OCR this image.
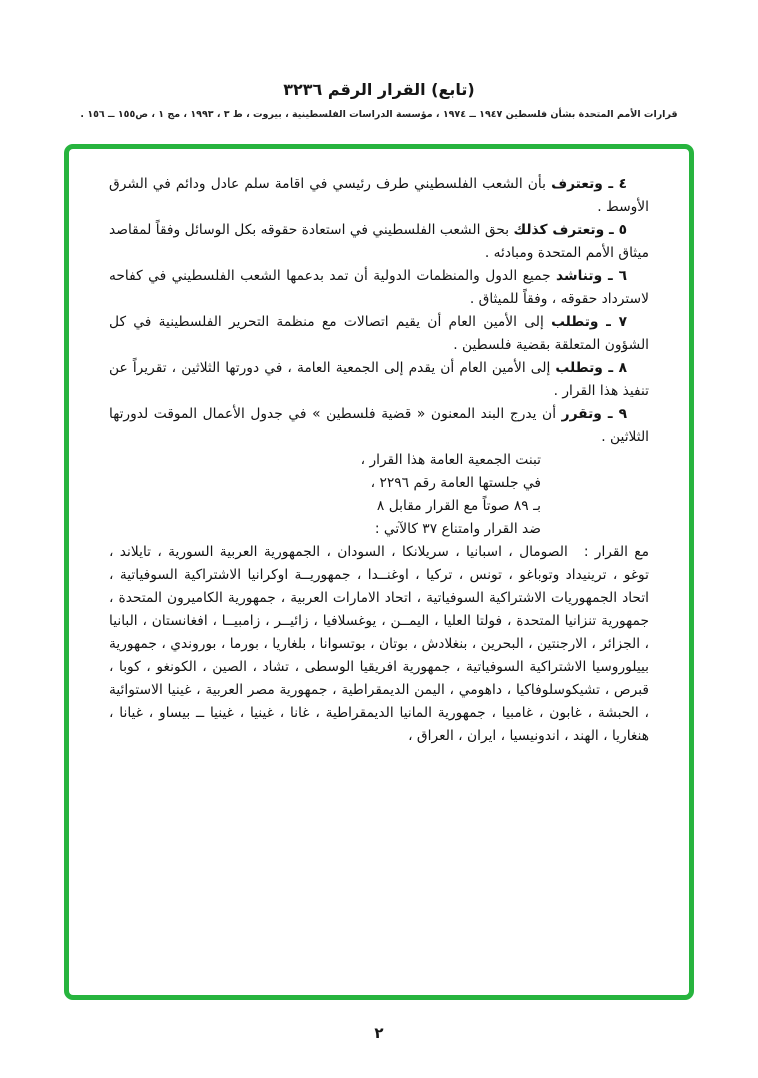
(تابع) القرار الرقم ٣٢٣٦

قرارات الأمم المتحدة بشأن فلسطين ١٩٤٧ ــ ١٩٧٤ ، مؤسسة الدراسات الفلسطينية ، بيروت ، ط ٣ ، ١٩٩٣ ، مج ١ ، ص١٥٥ ــ ١٥٦ .

٤ ـ وتعترف بأن الشعب الفلسطيني طرف رئيسي في اقامة سلم عادل ودائم في الشرق الأوسط .

٥ ـ وتعترف كذلك بحق الشعب الفلسطيني في استعادة حقوقه بكل الوسائل وفقاً لمقاصد ميثاق الأمم المتحدة ومبادئه .

٦ ـ وتناشد جميع الدول والمنظمات الدولية أن تمد بدعمها الشعب الفلسطيني في كفاحه لاسترداد حقوقه ، وفقاً للميثاق .

٧ ـ وتطلب إلى الأمين العام أن يقيم اتصالات مع منظمة التحرير الفلسطينية في كل الشؤون المتعلقة بقضية فلسطين .

٨ ـ وتطلب إلى الأمين العام أن يقدم إلى الجمعية العامة ، في دورتها الثلاثين ، تقريراً عن تنفيذ هذا القرار .

٩ ـ وتقرر أن يدرج البند المعنون « قضية فلسطين » في جدول الأعمال الموقت لدورتها الثلاثين .

تبنت الجمعية العامة هذا القرار ،

في جلستها العامة رقم ٢٢٩٦ ،

بـ ٨٩ صوتاً مع القرار مقابل ٨

ضد القرار وامتناع ٣٧ كالآتي :

مع القرار :الصومال ، اسبانيا ، سريلانكا ، السودان ، الجمهورية العربية السورية ، تايلاند ، توغو ، ترينيداد وتوباغو ، تونس ، تركيا ، اوغنــدا ، جمهوريــة اوكرانيا الاشتراكية السوفياتية ، اتحاد الجمهوريات الاشتراكية السوفياتية ، اتحاد الامارات العربية ، جمهورية الكاميرون المتحدة ، جمهورية تنزانيا المتحدة ، فولتا العليا ، اليمــن ، يوغسلافيا ، زائيــر ، زامبيــا ، افغانستان ، البانيا ، الجزائر ، الارجنتين ، البحرين ، بنغلادش ، بوتان ، بوتسوانا ، بلغاريا ، بورما ، بوروندي ، جمهورية بييلوروسيا الاشتراكية السوفياتية ، جمهورية افريقيا الوسطى ، تشاد ، الصين ، الكونغو ، كوبا ، قبرص ، تشيكوسلوفاكيا ، داهومي ، اليمن الديمقراطية ، جمهورية مصر العربية ، غينيا الاستوائية ، الحبشة ، غابون ، غامبيا ، جمهورية المانيا الديمقراطية ، غانا ، غينيا ، غينيا ــ بيساو ، غيانا ، هنغاريا ، الهند ، اندونيسيا ، ايران ، العراق ،

٢
